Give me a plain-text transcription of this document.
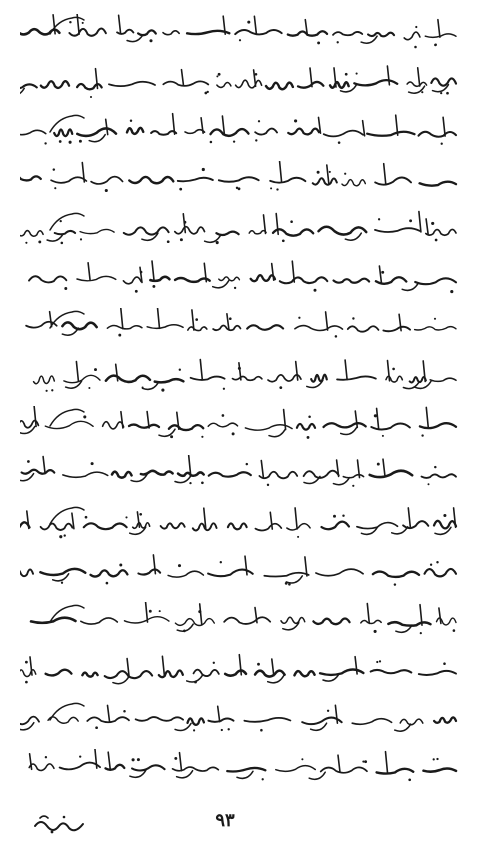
۹۳
